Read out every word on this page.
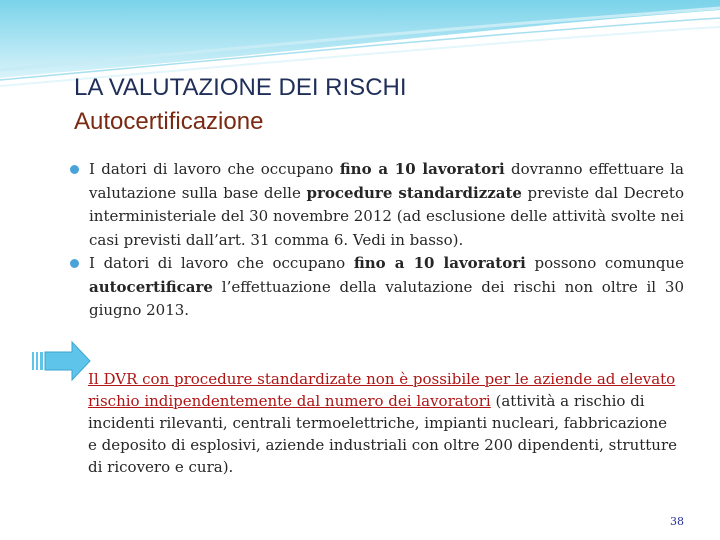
LA VALUTAZIONE DEI RISCHI
Autocertificazione
I datori di lavoro che occupano fino a 10 lavoratori dovranno effettuare la valutazione sulla base delle procedure standardizzate previste dal Decreto interministeriale del 30 novembre 2012 (ad esclusione delle attività svolte nei casi previsti dall’art. 31 comma 6. Vedi in basso).
I datori di lavoro che occupano fino a 10 lavoratori possono comunque autocertificare l’effettuazione della valutazione dei rischi non oltre il 30 giugno 2013.
Il DVR con procedure standardizate non è possibile per le aziende ad elevato rischio indipendentemente dal numero dei lavoratori (attività a rischio di incidenti rilevanti, centrali termoelettriche, impianti nucleari, fabbricazione e deposito di esplosivi, aziende industriali con oltre 200 dipendenti, strutture di ricovero e cura).
38
